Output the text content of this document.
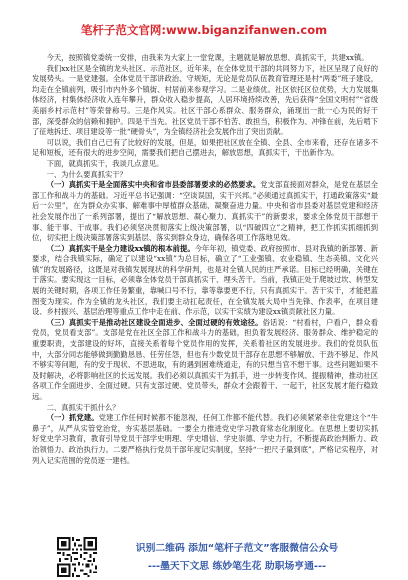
笔杆子范文官网:www.biganzifanwen.com

今天，按照镇党委统一安排，由我来为大家上一堂党课，主题就是解放思想、真抓实干，共建xx镇。

我们xx社区是全镇的龙头社区、示范社区，近年来，在全体党员干部的共同努力下，社区呈现了良好的发展势头。一是党建强。全体党员干部讲政治、守规矩，无论是党员队伍教育管理还是村“两委”班子建设，均走在全镇前列，吸引市内外多个镇街、村居前来参观学习。二是业绩优。社区依托区位优势，大力发展集体经济，村集体经济收入连年攀升，群众收入稳步提高，人居环境持续改善，先后获得“全国文明村”“省级美丽乡村示范村”等荣誉称号。三是作风实。社区干部心系群众、服务群众，涌现出一批一心为民的好干部，深受群众的信赖和拥护。四是干当先。社区党员干部不怕苦、敢担当，积极作为、冲锋在前，先后啃下了征地拆迁、项目建设等一批“硬骨头”，为全镇经济社会发展作出了突出贡献。

可以说，我们自己已有了比较好的发展，但是，如果把社区放在全镇、全县、全市来看，还存在诸多不足和短板，还有很大的进步空间，需要我们把自己摆进去，解放思想，真抓实干，干出新作为。

下面，就真抓实干，我谈几点意见。

一、为什么要真抓实干？

（一）真抓实干是全面落实中央和省市县委部署要求的必然要求。党支部直接面对群众，是党在基层全部工作和战斗力的基础。习近平总书记强调：“空谈误国，实干兴邦。”必须通过真抓实干，打通政策落实“最后一公里”，在为群众办实事、解难事中厚植群众基础、凝聚奋进力量。中央和省市县委对基层党建和经济社会发展作出了一系列部署，提出了“解放思想、凝心聚力、真抓实干”的新要求，要求全体党员干部想干事、能干事、干成事。我们必须坚决贯彻落实上级决策部署，以“四破四立”之精神，把工作抓实抓细抓到位，切实把上级决策部署落实到基层、落实到群众身边，确保各项工作落地见效。

（二）真抓实干是全力建设xx镇的根本前提。今年年初，镇党委、政府按照市、县对我镇的新部署、新要求，结合我镇实际，确定了以建设“xx镇”为总目标，确立了“工业强镇、农业稳镇、生态美镇、文化兴镇”的发展路径，这既是对我镇发展现状的科学研判，也是对全镇人民的庄严承诺。目标已经明确，关键在于落实。要实现这一目标，必须靠全体党员干部真抓实干、埋头苦干。当前，我镇正处于爬坡过坎、转型发展的关键时期，各项工作任务繁重，靠喊口号不行，靠等靠要更不行，只有真抓实干、苦干实干，才能把蓝图变为现实。作为全镇的龙头社区，我们要主动扛起责任，在全镇发展大局中当先锋、作表率，在项目建设、乡村振兴、基层治理等重点工作中走在前、作示范，以实干实绩为建设xx镇贡献社区力量。

（三）真抓实干是推动社区建设全面进步、全面过硬的有效途径。俗话说：“村看村，户看户，群众看党员，党员看支部”。支部是党在社区全部工作和战斗力的基础，担负着发展经济、服务群众、维护稳定的重要职责，支部建设的好坏，直接关系着每个党员作用的发挥，关系着社区的发展进步。我们的党员队伍中，大部分同志能够做到勤勤恳恳、任劳任怨，但也有少数党员干部存在思想不够解放、干劲不够足、作风不够实等问题，有的安于现状、不思进取，有的遇到困难绕道走，有的只想当官不想干事。这些问题如果不及时解决，必将影响社区的长远发展。我们必须以真抓实干为抓手，进一步转变作风、提振精神，推动社区各项工作全面进步、全面过硬。只有支部过硬、党员带头，群众才会跟着干、一起干，社区发展才能行稳致远。

二、真抓实干抓什么？

（一）抓党建。党建工作任何时候都不能忽视，任何工作都不能代替。我们必须紧紧牵住党建这个“牛鼻子”，从严从实管党治党，夯实基层基础。一要全力推进党史学习教育常态化制度化。在思想上要切实抓好党史学习教育，教育引导党员干部学史明理、学史增信、学史崇德、学史力行，不断提高政治判断力、政治领悟力、政治执行力。二要严格执行党员干部年度记实制度，坚持“一把尺子量到底”，严格记实程序，对列入记实范围的党员逐一建档。

识别二维码 添加“笔杆子范文”客服微信公众号
---墨天下文思 练妙笔生花 助职场亨通---
